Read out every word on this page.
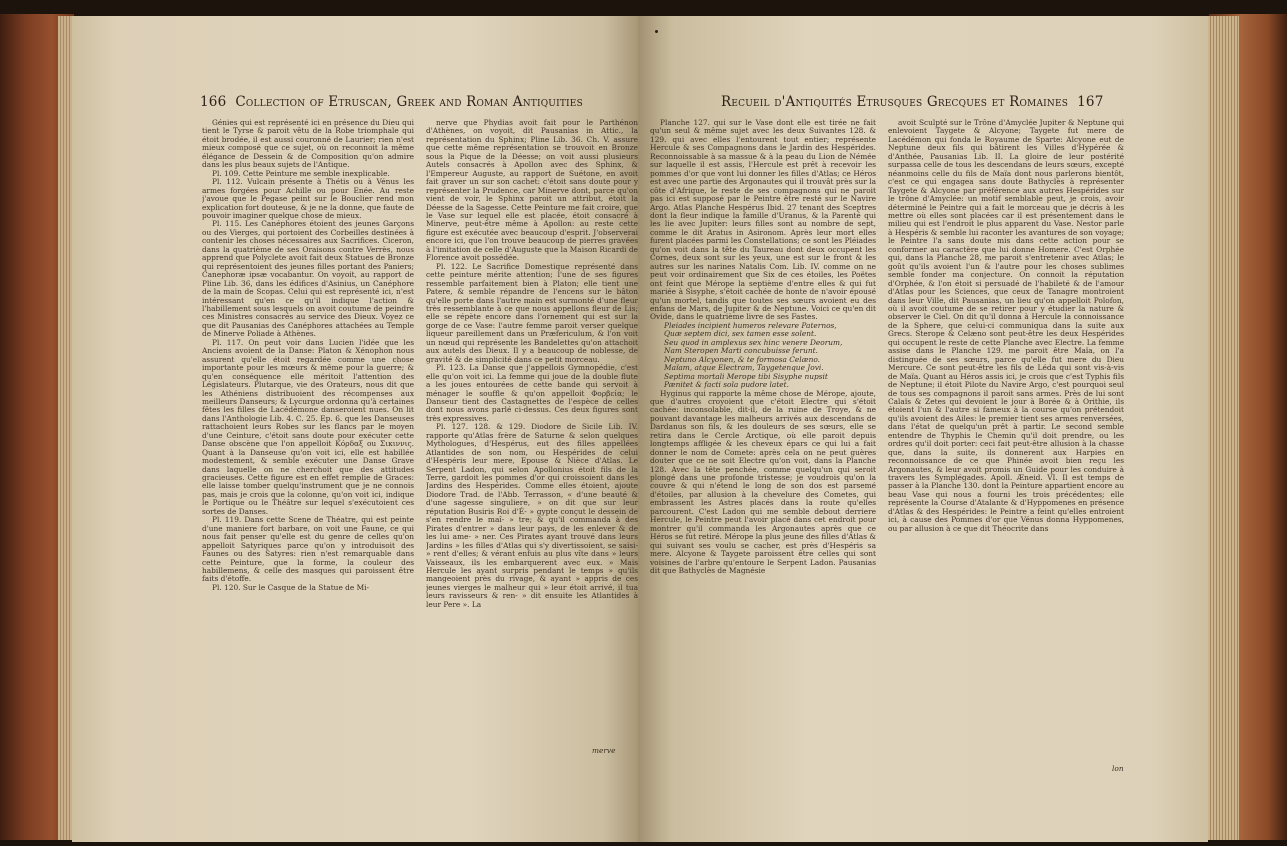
166 Collection of Etruscan, Greek and Roman Antiquities

Génies qui est représenté ici en présence du Dieu qui tient le Tyrse & paroit vêtu de la Robe triomphale qui étoit brodée, il est aussi couronné de Laurier; rien n'est mieux composé que ce sujet, où on reconnoit la même élégance de Dessein & de Composition qu'on admire dans les plus beaux sujets de l'Antique.

Pl. 109. Cette Peinture me semble inexplicable.

Pl. 112. Vulcain présente à Thétis ou à Vénus les armes forgées pour Achille ou pour Enée. Au reste j'avoue que le Pegase peint sur le Bouclier rend mon explication fort douteuse, & je ne la donne, que faute de pouvoir imaginer quelque chose de mieux.

Pl. 115. Les Canéphores étoient des jeunes Garçons ou des Vierges, qui portoient des Corbeilles destinées à contenir les choses nécessaires aux Sacrifices. Ciceron, dans la quatrième de ses Oraisons contre Verrès, nous apprend que Polyclete avoit fait deux Statues de Bronze qui représentoient des jeunes filles portant des Paniers; Canephoræ ipsæ vocabantur. On voyoit, au rapport de Pline Lib. 36, dans les édifices d'Asinius, un Canéphore de la main de Scopas. Celui qui est représenté ici, n'est intéressant qu'en ce qu'il indique l'action & l'habillement sous lesquels on avoit coutume de peindre ces Ministres consacrés au service des Dieux. Voyez ce que dit Pausanias des Canéphores attachées au Temple de Minerve Poliade à Athènes.

Pl. 117. On peut voir dans Lucien l'idée que les Anciens avoient de la Danse: Platon & Xénophon nous assurent qu'elle étoit regardée comme une chose importante pour les mœurs & même pour la guerre; & qu'en conséquence elle méritoit l'attention des Législateurs. Plutarque, vie des Orateurs, nous dit que les Athéniens distribuoient des récompenses aux meilleurs Danseurs; & Lycurgue ordonna qu'à certaines fêtes les filles de Lacédémone danseroient nues. On lit dans l'Anthologie Lib. 4. C. 25. Ep. 6. que les Danseuses rattachoient leurs Robes sur les flancs par le moyen d'une Ceinture, c'étoit sans doute pour exécuter cette Danse obscène que l'on appelloit Κόρδαξ ou Σικιννις. Quant à la Danseuse qu'on voit ici, elle est habillée modestement, & semble exécuter une Danse Grave dans laquelle on ne cherchoit que des attitudes gracieuses. Cette figure est en effet remplie de Graces: elle laisse tomber quelqu'instrument que je ne connois pas, mais je crois que la colonne, qu'on voit ici, indique le Portique ou le Théâtre sur lequel s'exécutoient ces sortes de Danses.

Pl. 119. Dans cette Scene de Théatre, qui est peinte d'une maniere fort barbare, on voit une Faune, ce qui nous fait penser qu'elle est du genre de celles qu'on appelloit Satyriques parce qu'on y introduisoit des Faunes ou des Satyres: rien n'est remarquable dans cette Peinture, que la forme, la couleur des habillemens, & celle des masques qui paroissent être faits d'étoffe.

Pl. 120. Sur le Casque de la Statue de Mi-

nerve que Phydias avoit fait pour le Parthénon d'Athènes, on voyoit, dit Pausanias in Attic., la représentation du Sphinx; Pline Lib. 36. Ch. V. assure que cette même représentation se trouvoit en Bronze sous la Pique de la Déesse; on voit aussi plusieurs Autels consacrés à Apollon avec des Sphinx, & l'Empereur Auguste, au rapport de Suétone, en avoit fait graver un sur son cachet: c'étoit sans doute pour y représenter la Prudence, car Minerve dont, parce qu'on vient de voir, le Sphinx paroit un attribut, étoit la Déesse de la Sagesse. Cette Peinture me fait croire, que le Vase sur lequel elle est placée, étoit consacré à Minerve, peut-être même à Apollon: au reste cette figure est exécutée avec beaucoup d'esprit. J'observerai encore ici, que l'on trouve beaucoup de pierres gravées à l'imitation de celle d'Auguste que la Maison Ricardi de Florence avoit possédée.

Pl. 122. Le Sacrifice Domestique représenté dans cette peinture mérite attention; l'une de ses figures ressemble parfaitement bien à Platon; elle tient une Patere, & semble répandre de l'encens sur le bâton qu'elle porte dans l'autre main est surmonté d'une fleur très ressemblante à ce que nous appellons fleur de Lis; elle se répète encore dans l'ornement qui est sur la gorge de ce Vase: l'autre femme paroit verser quelque liqueur pareillement dans un Præfericulum, & l'on voit un nœud qui représente les Bandelettes qu'on attachoit aux autels des Dieux. Il y a beaucoup de noblesse, de gravité & de simplicité dans ce petit morceau.

Pl. 123. La Danse que j'appellois Gymnopédie, c'est elle qu'on voit ici. La femme qui joue de la double flute a les joues entourées de cette bande qui servoit à ménager le souffle & qu'on appelloit Φορβεία; le Danseur tient des Castagnettes de l'espèce de celles dont nous avons parlé ci-dessus. Ces deux figures sont très expressives.

Pl. 127. 128. & 129. Diodore de Sicile Lib. IV. rapporte qu'Atlas frère de Saturne & selon quelques Mythologues, d'Hespérus, eut des filles appellées Atlantides de son nom, ou Hespérides de celui d'Hespéris leur mere, Epouse & Nièce d'Atlas. Le Serpent Ladon, qui selon Apollonius étoit fils de la Terre, gardoit les pommes d'or qui croissoient dans les Jardins des Hespérides. Comme elles étoient, ajoute Diodore Trad. de l'Abb. Terrasson, « d'une beauté & d'une sagesse singuliere, » on dit que sur leur réputation Busiris Roi d'É- » gypte conçut le dessein de s'en rendre le maî- » tre; & qu'il commanda à des Pirates d'entrer » dans leur pays, de les enlever & de les lui ame- » ner. Ces Pirates ayant trouvé dans leurs Jardins » les filles d'Atlas qui s'y divertissoient, se saisi- » rent d'elles; & vérant enfuis au plus vîte dans » leurs Vaisseaux, ils les embarquerent avec eux. » Mais Hercule les ayant surpris pendant le temps » qu'ils mangeoient près du rivage, & ayant » appris de ces jeunes vierges le malheur qui » leur étoit arrivé, il tua leurs ravisseurs & ren- » dit ensuite les Atlantides à leur Pere ». La

merve
Recueil d'Antiquités Etrusques Grecques et Romaines 167

Planche 127. qui sur le Vase dont elle est tirée ne fait qu'un seul & même sujet avec les deux Suivantes 128. & 129. qui avec elles l'entourent tout entier; représente Hercule & ses Compagnons dans le Jardin des Hespérides. Reconnoissable à sa massue & à la peau du Lion de Némée sur laquelle il est assis, l'Hercule est prêt à recevoir les pommes d'or que vont lui donner les filles d'Atlas; ce Héros est avec une partie des Argonautes qui il trouvât près sur la côte d'Afrique, le reste de ses compagnons qui ne paroit pas ici est supposé par le Peintre être resté sur le Navire Argo. Atlas Planche Hespérus Ibid. 27 tenant des Sceptres dont la fleur indique la famille d'Uranus, & la Parenté qui les lie avec Jupiter: leurs filles sont au nombre de sept, comme le dit Aratus in Asironom. Après leur mort elles furent placées parmi les Constellations; ce sont les Pléiades qu'on voit dans la tête du Taureau dont deux occupent les Cornes, deux sont sur les yeux, une est sur le front & les autres sur les narines Natalis Com. Lib. IV. comme on ne peut voir ordinairement que Six de ces étoiles, les Poëtes ont feint que Mérope la septième d'entre elles & qui fut mariée à Sisyphe, s'étoit cachée de honte de n'avoir épousé qu'un mortel, tandis que toutes ses sœurs avoient eu des enfans de Mars, de Jupiter & de Neptune. Voici ce qu'en dit Ovide, dans le quatrième livre de ses Fastes.

Pleiades incipient humeros relevare Paternos,

Quæ septem dici, sex tamen esse solent.

Seu quod in amplexus sex hinc venere Deorum,

Nam Steropen Marti concubuisse ferunt.

Neptuno Alcyonen, & te formosa Celæno.

Maïam, atque Electram, Taygetenque Jovi.

Septima mortali Merope tibi Sisyphe nupsit

Pænitet & facti sola pudore latet.

Hyginus qui rapporte la même chose de Mérope, ajoute, que d'autres croyoient que c'étoit Electre qui s'étoit cachée: inconsolable, dit-il, de la ruine de Troye, & ne pouvant davantage les malheurs arrivés aux descendans de Dardanus son fils, & les douleurs de ses sœurs, elle se retira dans le Cercle Arctique, où elle paroit depuis longtemps affligée & les cheveux épars ce qui lui a fait donner le nom de Comete: après cela on ne peut guères douter que ce ne soit Electre qu'on voit, dans la Planche 128. Avec la tête penchée, comme quelqu'un qui seroit plongé dans une profonde tristesse; je voudrois qu'on la couvre & qui n'étend le long de son dos est parsemé d'étoiles, par allusion à la chevelure des Cometes, qui embrassent les Astres placés dans la route qu'elles parcourent. C'est Ladon qui me semble debout derriere Hercule, le Peintre peut l'avoir placé dans cet endroit pour montrer qu'il commanda les Argonautes après que ce Héros se fut retiré. Mérope la plus jeune des filles d'Atlas & qui suivant ses voulu se cacher, est près d'Hespéris sa mere. Alcyone & Taygete paroissent être celles qui sont voisines de l'arbre qu'entoure le Serpent Ladon. Pausanias dit que Bathyclès de Magnésie

avoit Sculpté sur le Trône d'Amyclée Jupiter & Neptune qui enlevoient Taygete & Alcyone; Taygete fut mere de Lacédémon qui fonda le Royaume de Sparte: Alcyone eut de Neptune deux fils qui bâtirent les Villes d'Hypérée & d'Anthée, Pausanias Lib. II. La gloire de leur postérité surpassa celle de tous les descendans de leurs sœurs, excepté néanmoins celle du fils de Maïa dont nous parlerons bientôt, c'est ce qui engagea sans doute Bathyclès à représenter Taygete & Alcyone par préférence aux autres Hespérides sur le trône d'Amyclée: un motif semblable peut, je crois, avoir déterminé le Peintre qui a fait le morceau que je décris à les mettre où elles sont placées car il est présentement dans le milieu qui est l'endroit le plus apparent du Vase. Nestor parle à Hespéris & semble lui raconter les avantures de son voyage; le Peintre l'a sans doute mis dans cette action pour se conformer au caractère que lui donne Homere. C'est Orphée qui, dans la Planche 28, me paroit s'entretenir avec Atlas; le goût qu'ils avoient l'un & l'autre pour les choses sublimes semble fonder ma conjecture. On connoit la réputation d'Orphée, & l'on étoit si persuadé de l'habileté & de l'amour d'Atlas pour les Sciences, que ceux de Tanagre montroient dans leur Ville, dit Pausanias, un lieu qu'on appelloit Polofon, où il avoit coutume de se retirer pour y étudier la nature & observer le Ciel. On dit qu'il donna à Hercule la connoissance de la Sphere, que celui-ci communiqua dans la suite aux Grecs. Sterope & Celæno sont peut-être les deux Hespérides qui occupent le reste de cette Planche avec Electre. La femme assise dans le Planche 129. me paroit être Maïa, on l'a distinguée de ses sœurs, parce qu'elle fut mere du Dieu Mercure. Ce sont peut-être les fils de Léda qui sont vis-à-vis de Maïa. Quant au Héros assis ici, je crois que c'est Typhis fils de Neptune; il étoit Pilote du Navire Argo, c'est pourquoi seul de tous ses compagnons il paroit sans armes. Près de lui sont Calaïs & Zetes qui devoient le jour à Borée & à Orithie, ils étoient l'un & l'autre si fameux à la course qu'on prétendoit qu'ils avoient des Ailes: le premier tient ses armes renversées, dans l'état de quelqu'un prêt à partir. Le second semble entendre de Thyphis le Chemin qu'il doit prendre, ou les ordres qu'il doit porter: ceci fait peut-être allusion à la chasse que, dans la suite, ils donnerent aux Harpies en reconnoissance de ce que Phinée avoit bien reçu les Argonautes, & leur avoit promis un Guide pour les conduire à travers les Symplégades. Apoll. Æneid. VI. Il est temps de passer à la Planche 130. dont la Peinture appartient encore au beau Vase qui nous a fourni les trois précédentes; elle représente la Course d'Atalante & d'Hyppomenes en présence d'Atlas & des Hespérides: le Peintre a feint qu'elles entroient ici, à cause des Pommes d'or que Vénus donna Hyppomenes, ou par allusion à ce que dit Théocrite dans

lon
